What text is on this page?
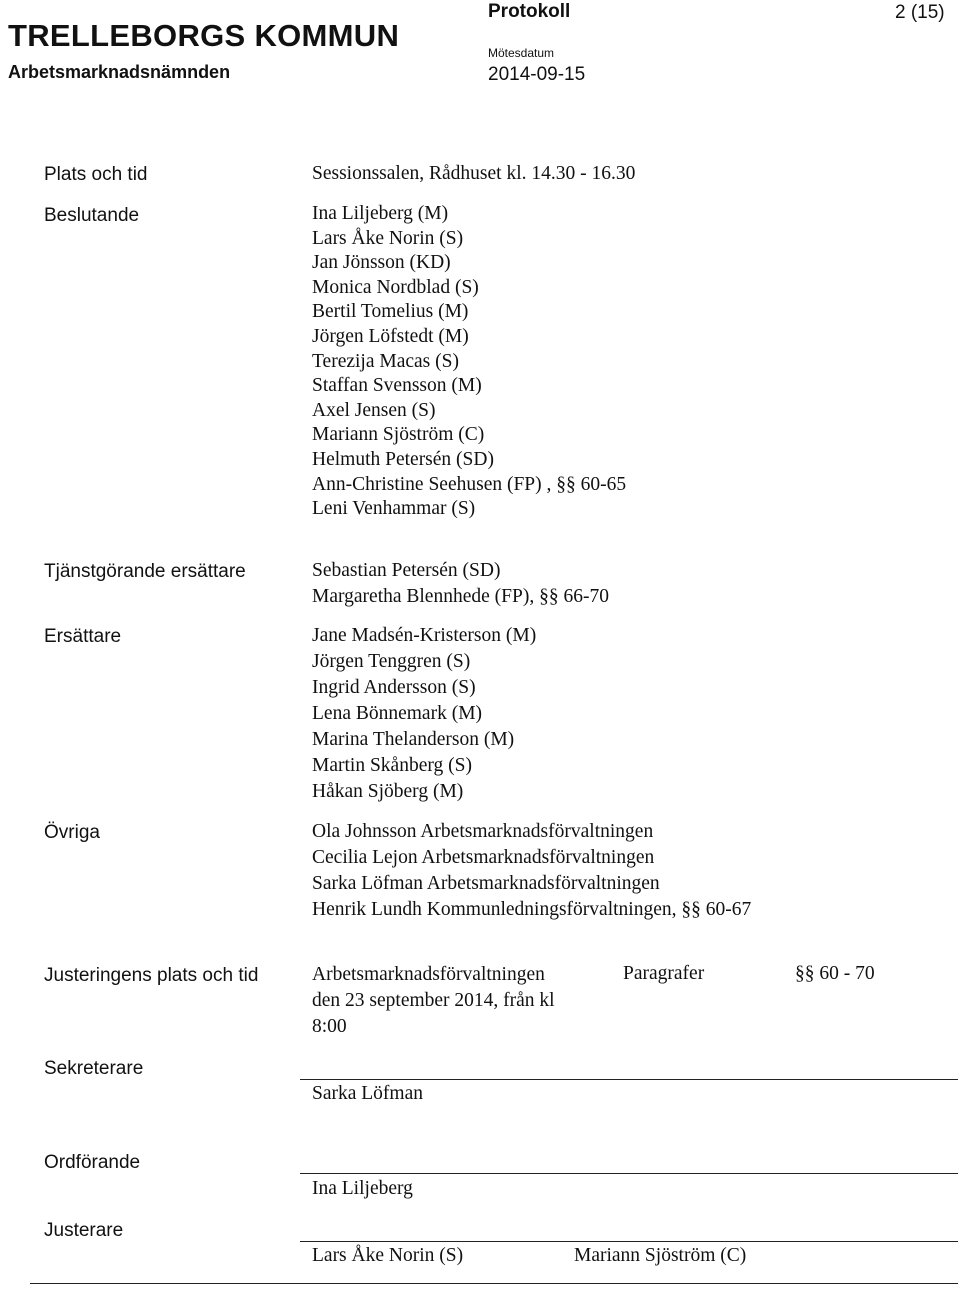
TRELLEBORGS KOMMUN
Arbetsmarknadsnämnden
Protokoll	2 (15)
Mötesdatum
2014-09-15
Plats och tid	Sessionssalen, Rådhuset kl. 14.30 - 16.30
Beslutande	Ina Liljeberg (M)
Lars Åke Norin (S)
Jan Jönsson (KD)
Monica Nordblad (S)
Bertil Tomelius (M)
Jörgen Löfstedt (M)
Terezija Macas (S)
Staffan Svensson (M)
Axel Jensen (S)
Mariann Sjöström (C)
Helmuth Petersén (SD)
Ann-Christine Seehusen (FP) , §§ 60-65
Leni Venhammar (S)
Tjänstgörande ersättare	Sebastian Petersén (SD)
Margaretha Blennhede (FP), §§ 66-70
Ersättare	Jane Madsén-Kristerson (M)
Jörgen Tenggren (S)
Ingrid Andersson (S)
Lena Bönnemark (M)
Marina Thelanderson (M)
Martin Skånberg (S)
Håkan Sjöberg (M)
Övriga	Ola Johnsson Arbetsmarknadsförvaltningen
Cecilia Lejon Arbetsmarknadsförvaltningen
Sarka Löfman Arbetsmarknadsförvaltningen
Henrik Lundh Kommunledningsförvaltningen, §§ 60-67
Justeringens plats och tid	Arbetsmarknadsförvaltningen
den 23 september 2014, från kl
8:00
Paragrafer	§§ 60 - 70
Sekreterare
Sarka Löfman
Ordförande
Ina Liljeberg
Justerare
Lars Åke Norin (S)	Mariann Sjöström (C)
